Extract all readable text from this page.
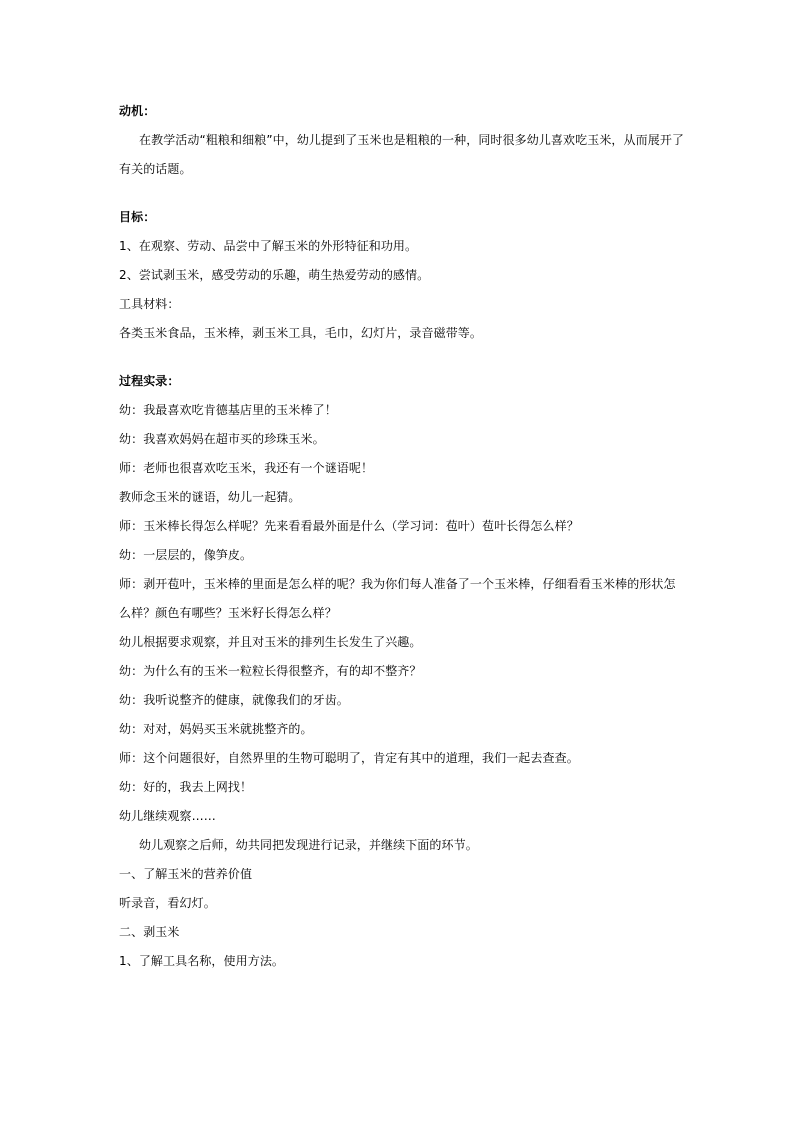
动机：
在教学活动“粗粮和细粮”中，幼儿提到了玉米也是粗粮的一种，同时很多幼儿喜欢吃玉米，从而展开了
有关的话题。
目标：
1、在观察、劳动、品尝中了解玉米的外形特征和功用。
2、尝试剥玉米，感受劳动的乐趣，萌生热爱劳动的感情。
工具材料：
各类玉米食品，玉米棒，剥玉米工具，毛巾，幻灯片，录音磁带等。
过程实录：
幼：我最喜欢吃肯德基店里的玉米棒了！
幼：我喜欢妈妈在超市买的珍珠玉米。
师：老师也很喜欢吃玉米，我还有一个谜语呢！
教师念玉米的谜语，幼儿一起猜。
师：玉米棒长得怎么样呢？先来看看最外面是什么（学习词：苞叶）苞叶长得怎么样？
幼：一层层的，像笋皮。
师：剥开苞叶，玉米棒的里面是怎么样的呢？我为你们每人准备了一个玉米棒，仔细看看玉米棒的形状怎
么样？颜色有哪些？玉米籽长得怎么样？
幼儿根据要求观察，并且对玉米的排列生长发生了兴趣。
幼：为什么有的玉米一粒粒长得很整齐，有的却不整齐？
幼：我听说整齐的健康，就像我们的牙齿。
幼：对对，妈妈买玉米就挑整齐的。
师：这个问题很好，自然界里的生物可聪明了，肯定有其中的道理，我们一起去查查。
幼：好的，我去上网找！
幼儿继续观察……
幼儿观察之后师，幼共同把发现进行记录，并继续下面的环节。
一、了解玉米的营养价值
听录音，看幻灯。
二、剥玉米
1、了解工具名称，使用方法。
